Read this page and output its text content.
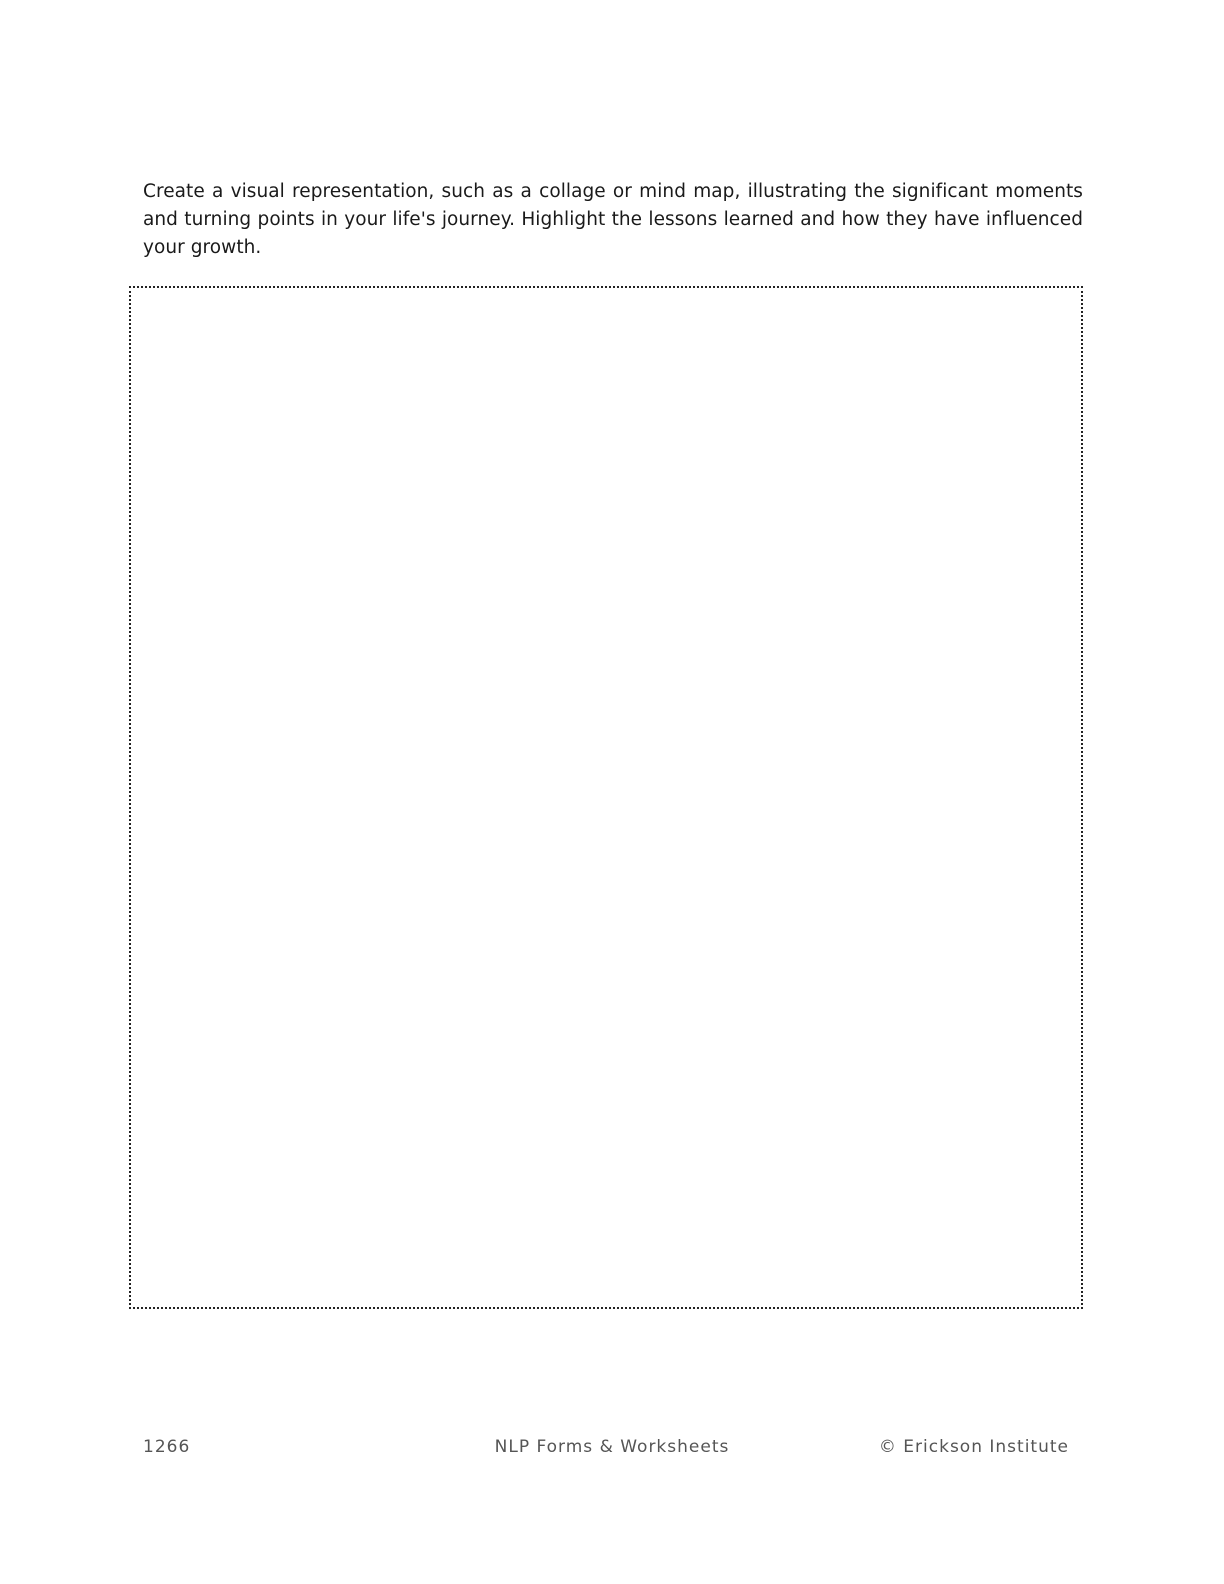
Create a visual representation, such as a collage or mind map, illustrating the significant moments and turning points in your life's journey. Highlight the lessons learned and how they have influenced your growth.

1266	NLP Forms & Worksheets	© Erickson Institute
